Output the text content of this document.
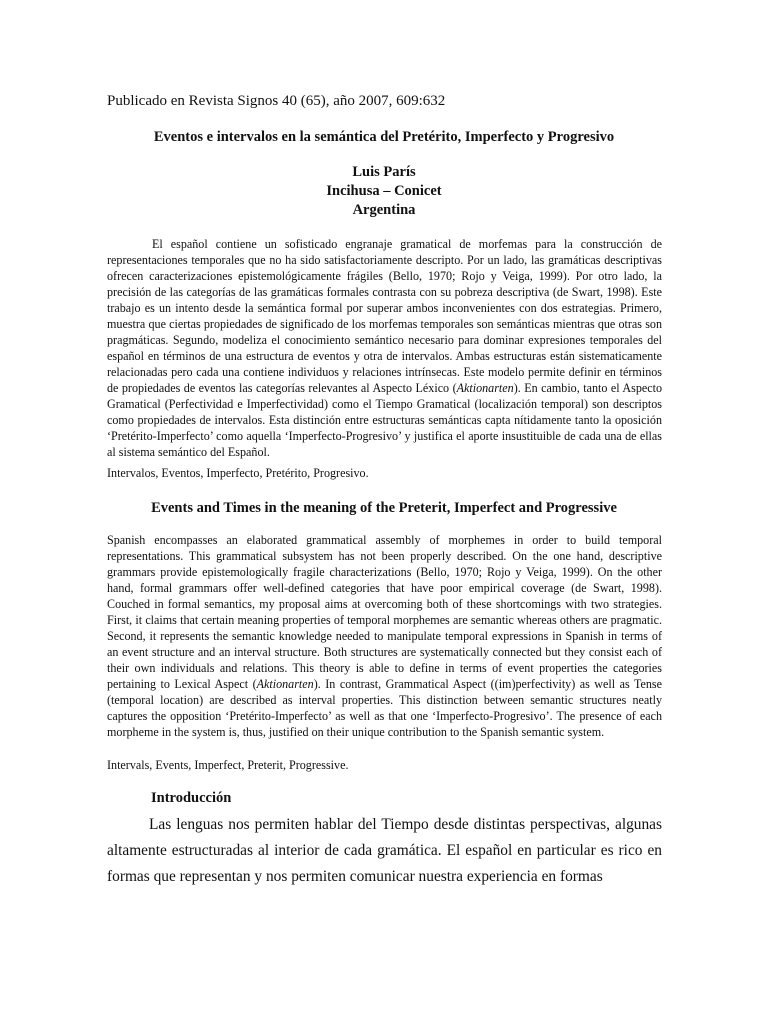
Publicado en Revista Signos 40 (65), año 2007, 609:632
Eventos e intervalos en la semántica del Pretérito, Imperfecto y Progresivo
Luis París
Incihusa – Conicet
Argentina

El español contiene un sofisticado engranaje gramatical de morfemas para la construcción de representaciones temporales que no ha sido satisfactoriamente descripto. Por un lado, las gramáticas descriptivas ofrecen caracterizaciones epistemológicamente frágiles (Bello, 1970; Rojo y Veiga, 1999). Por otro lado, la precisión de las categorías de las gramáticas formales contrasta con su pobreza descriptiva (de Swart, 1998). Este trabajo es un intento desde la semántica formal por superar ambos inconvenientes con dos estrategias. Primero, muestra que ciertas propiedades de significado de los morfemas temporales son semánticas mientras que otras son pragmáticas. Segundo, modeliza el conocimiento semántico necesario para dominar expresiones temporales del español en términos de una estructura de eventos y otra de intervalos. Ambas estructuras están sistematicamente relacionadas pero cada una contiene individuos y relaciones intrínsecas. Este modelo permite definir en términos de propiedades de eventos las categorías relevantes al Aspecto Léxico (Aktionarten). En cambio, tanto el Aspecto Gramatical (Perfectividad e Imperfectividad) como el Tiempo Gramatical (localización temporal) son descriptos como propiedades de intervalos. Esta distinción entre estructuras semánticas capta nítidamente tanto la oposición ‘Pretérito-Imperfecto’ como aquella ‘Imperfecto-Progresivo’ y justifica el aporte insustituible de cada una de ellas al sistema semántico del Español.

Intervalos, Eventos, Imperfecto, Pretérito, Progresivo.

Events and Times in the meaning of the Preterit, Imperfect and Progressive

Spanish encompasses an elaborated grammatical assembly of morphemes in order to build temporal representations. This grammatical subsystem has not been properly described. On the one hand, descriptive grammars provide epistemologically fragile characterizations (Bello, 1970; Rojo y Veiga, 1999). On the other hand, formal grammars offer well-defined categories that have poor empirical coverage (de Swart, 1998). Couched in formal semantics, my proposal aims at overcoming both of these shortcomings with two strategies. First, it claims that certain meaning properties of temporal morphemes are semantic whereas others are pragmatic. Second, it represents the semantic knowledge needed to manipulate temporal expressions in Spanish in terms of an event structure and an interval structure. Both structures are systematically connected but they consist each of their own individuals and relations. This theory is able to define in terms of event properties the categories pertaining to Lexical Aspect (Aktionarten). In contrast, Grammatical Aspect ((im)perfectivity) as well as Tense (temporal location) are described as interval properties. This distinction between semantic structures neatly captures the opposition ‘Pretérito-Imperfecto’ as well as that one ‘Imperfecto-Progresivo’. The presence of each morpheme in the system is, thus, justified on their unique contribution to the Spanish semantic system.

Intervals, Events, Imperfect, Preterit, Progressive.

Introducción

Las lenguas nos permiten hablar del Tiempo desde distintas perspectivas, algunas altamente estructuradas al interior de cada gramática. El español en particular es rico en formas que representan y nos permiten comunicar nuestra experiencia en formas
